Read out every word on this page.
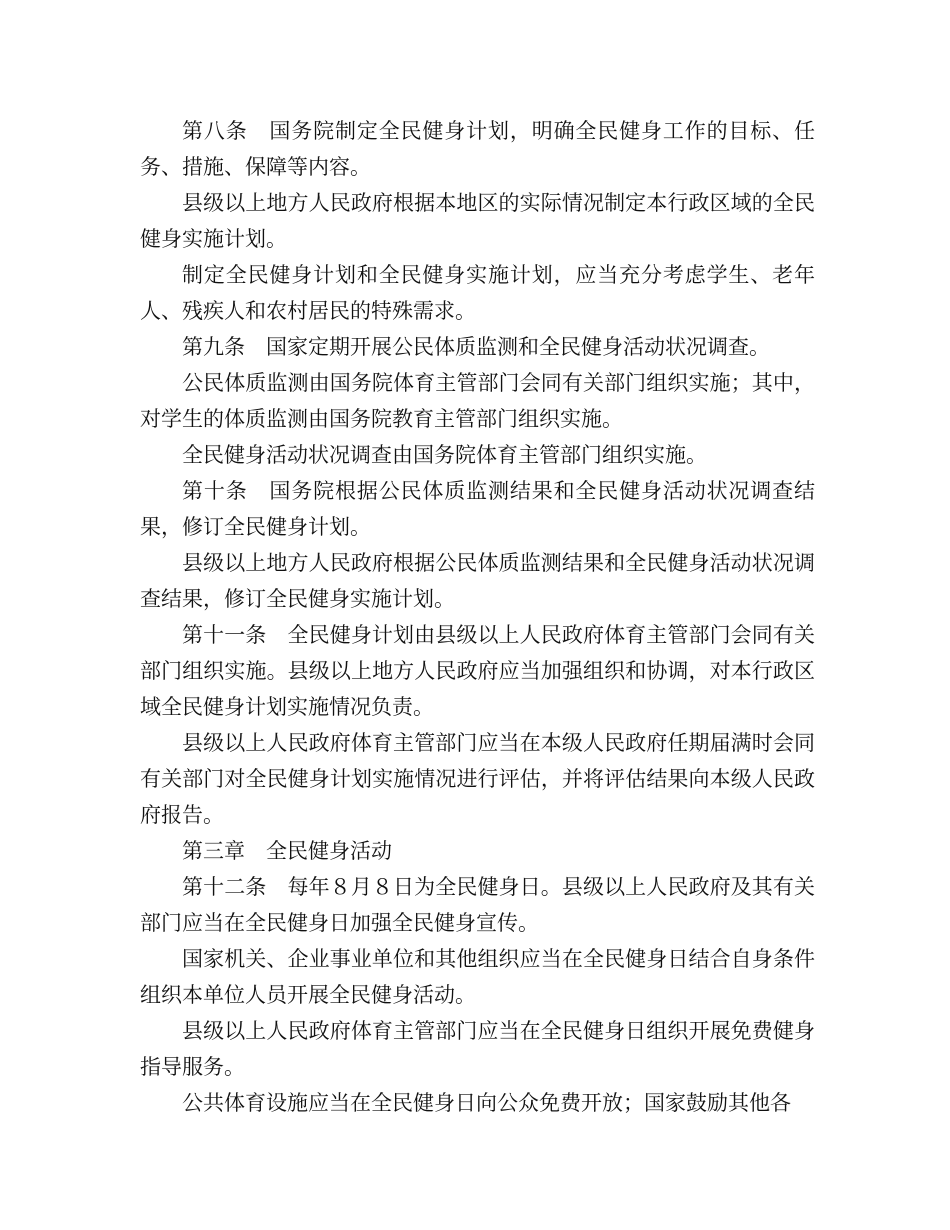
第八条　国务院制定全民健身计划，明确全民健身工作的目标、任务、措施、保障等内容。

县级以上地方人民政府根据本地区的实际情况制定本行政区域的全民健身实施计划。

制定全民健身计划和全民健身实施计划，应当充分考虑学生、老年人、残疾人和农村居民的特殊需求。

第九条　国家定期开展公民体质监测和全民健身活动状况调查。

公民体质监测由国务院体育主管部门会同有关部门组织实施；其中，对学生的体质监测由国务院教育主管部门组织实施。

全民健身活动状况调查由国务院体育主管部门组织实施。

第十条　国务院根据公民体质监测结果和全民健身活动状况调查结果，修订全民健身计划。

县级以上地方人民政府根据公民体质监测结果和全民健身活动状况调查结果，修订全民健身实施计划。

第十一条　全民健身计划由县级以上人民政府体育主管部门会同有关部门组织实施。县级以上地方人民政府应当加强组织和协调，对本行政区域全民健身计划实施情况负责。

县级以上人民政府体育主管部门应当在本级人民政府任期届满时会同有关部门对全民健身计划实施情况进行评估，并将评估结果向本级人民政府报告。

第三章　全民健身活动

第十二条　每年８月８日为全民健身日。县级以上人民政府及其有关部门应当在全民健身日加强全民健身宣传。

国家机关、企业事业单位和其他组织应当在全民健身日结合自身条件组织本单位人员开展全民健身活动。

县级以上人民政府体育主管部门应当在全民健身日组织开展免费健身指导服务。

公共体育设施应当在全民健身日向公众免费开放；国家鼓励其他各
